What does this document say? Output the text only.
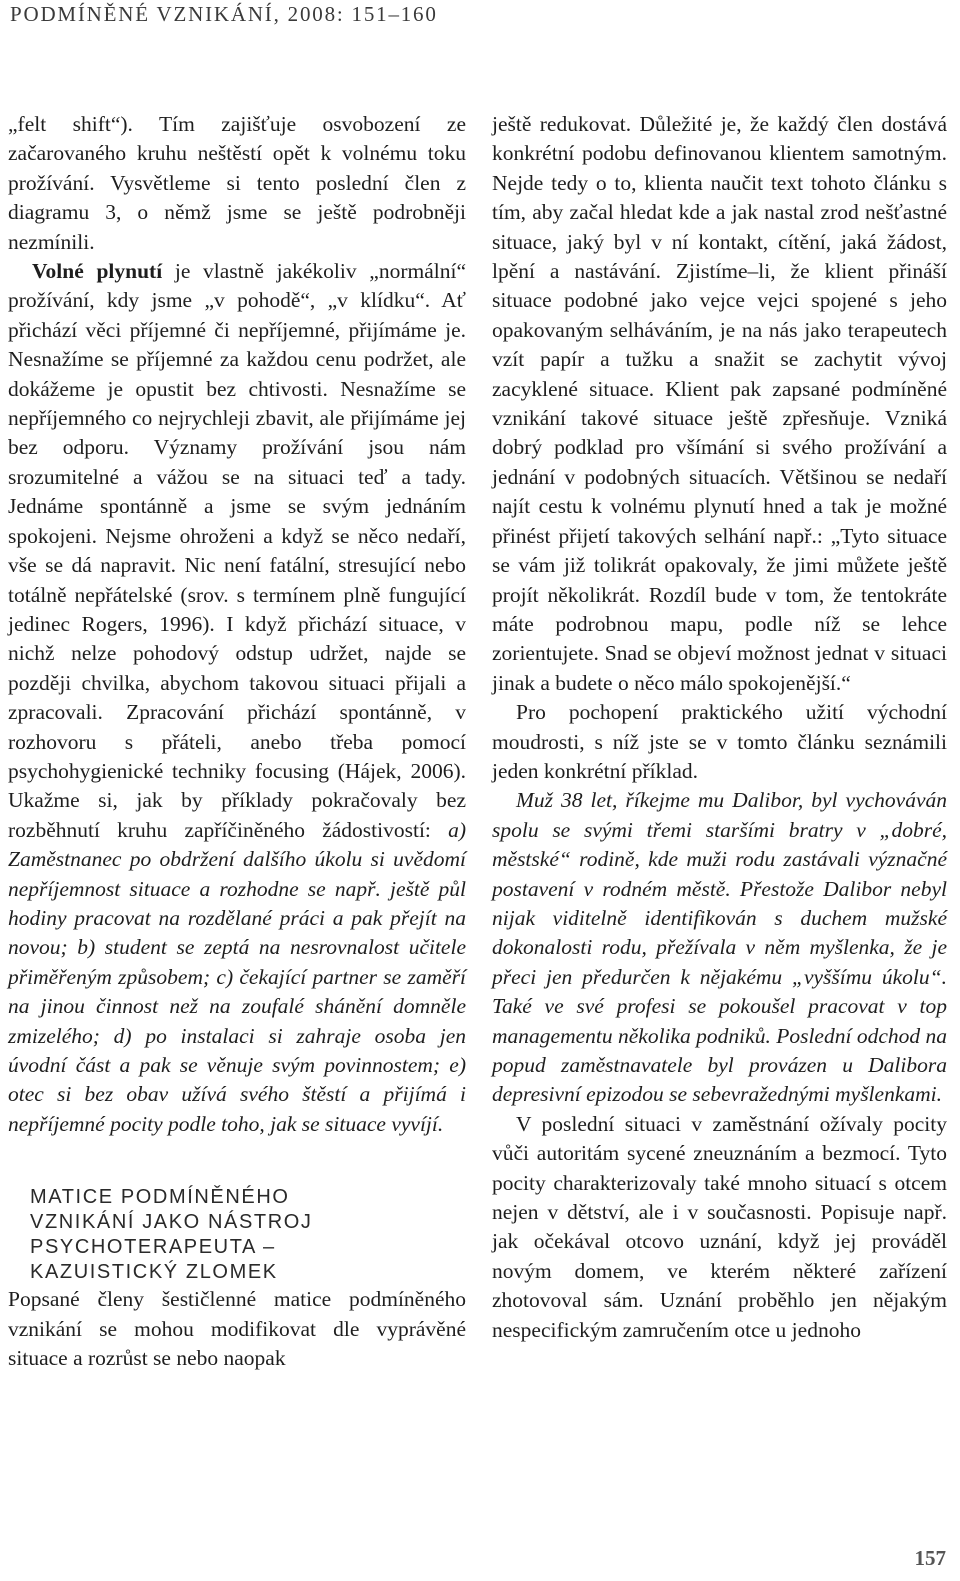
PODMÍNĚNÉ VZNIKÁNÍ, 2008: 151–160

„felt shift“). Tím zajišťuje osvobození ze začarovaného kruhu neštěstí opět k volnému toku prožívání. Vysvětleme si tento poslední člen z diagramu 3, o němž jsme se ještě podrobněji nezmínili.

Volné plynutí je vlastně jakékoliv „normální“ prožívání, kdy jsme „v pohodě“, „v klídku“. Ať přichází věci příjemné či nepříjemné, přijímáme je. Nesnažíme se příjemné za každou cenu podržet, ale dokážeme je opustit bez chtivosti. Nesnažíme se nepříjemného co nejrychleji zbavit, ale přijímáme jej bez odporu. Významy prožívání jsou nám srozumitelné a vážou se na situaci teď a tady. Jednáme spontánně a jsme se svým jednáním spokojeni. Nejsme ohroženi a když se něco nedaří, vše se dá napravit. Nic není fatální, stresující nebo totálně nepřátelské (srov. s termínem plně fungující jedinec Rogers, 1996). I když přichází situace, v nichž nelze pohodový odstup udržet, najde se později chvilka, abychom takovou situaci přijali a zpracovali. Zpracování přichází spontánně, v rozhovoru s přáteli, anebo třeba pomocí psychohygienické techniky focusing (Hájek, 2006). Ukažme si, jak by příklady pokračovaly bez rozběhnutí kruhu zapříčiněného žádostivostí: a) Zaměstnanec po obdržení dalšího úkolu si uvědomí nepříjemnost situace a rozhodne se např. ještě půl hodiny pracovat na rozdělané práci a pak přejít na novou; b) student se zeptá na nesrovnalost učitele přiměřeným způsobem; c) čekající partner se zaměří na jinou činnost než na zoufalé shánění domněle zmizelého; d) po instalaci si zahraje osoba jen úvodní část a pak se věnuje svým povinnostem; e) otec si bez obav užívá svého štěstí a přijímá i nepříjemné pocity podle toho, jak se situace vyvíjí.

MATICE PODMÍNĚNÉHO
VZNIKÁNÍ JAKO NÁSTROJ
PSYCHOTERAPEUTA –
KAZUISTICKÝ ZLOMEK

Popsané členy šestičlenné matice podmíněného vznikání se mohou modifikovat dle vyprávěné situace a rozrůst se nebo naopak

ještě redukovat. Důležité je, že každý člen dostává konkrétní podobu definovanou klientem samotným. Nejde tedy o to, klienta naučit text tohoto článku s tím, aby začal hledat kde a jak nastal zrod nešťastné situace, jaký byl v ní kontakt, cítění, jaká žádost, lpění a nastávání. Zjistíme–li, že klient přináší situace podobné jako vejce vejci spojené s jeho opakovaným selháváním, je na nás jako terapeutech vzít papír a tužku a snažit se zachytit vývoj zacyklené situace. Klient pak zapsané podmíněné vznikání takové situace ještě zpřesňuje. Vzniká dobrý podklad pro všímání si svého prožívání a jednání v podobných situacích. Většinou se nedaří najít cestu k volnému plynutí hned a tak je možné přinést přijetí takových selhání např.: „Tyto situace se vám již tolikrát opakovaly, že jimi můžete ještě projít několikrát. Rozdíl bude v tom, že tentokráte máte podrobnou mapu, podle níž se lehce zorientujete. Snad se objeví možnost jednat v situaci jinak a budete o něco málo spokojenější.“

Pro pochopení praktického užití východní moudrosti, s níž jste se v tomto článku seznámili jeden konkrétní příklad.

Muž 38 let, říkejme mu Dalibor, byl vychováván spolu se svými třemi staršími bratry v „dobré, městské“ rodině, kde muži rodu zastávali význačné postavení v rodném městě. Přestože Dalibor nebyl nijak viditelně identifikován s duchem mužské dokonalosti rodu, přežívala v něm myšlenka, že je přeci jen předurčen k nějakému „vyššímu úkolu“. Také ve své profesi se pokoušel pracovat v top managementu několika podniků. Poslední odchod na popud zaměstnavatele byl provázen u Dalibora depresivní epizodou se sebevražednými myšlenkami.

V poslední situaci v zaměstnání ožívaly pocity vůči autoritám sycené zneuznáním a bezmocí. Tyto pocity charakterizovaly také mnoho situací s otcem nejen v dětství, ale i v současnosti. Popisuje např. jak očekával otcovo uznání, když jej prováděl novým domem, ve kterém některé zařízení zhotovoval sám. Uznání proběhlo jen nějakým nespecifickým zamručením otce u jednoho

157
